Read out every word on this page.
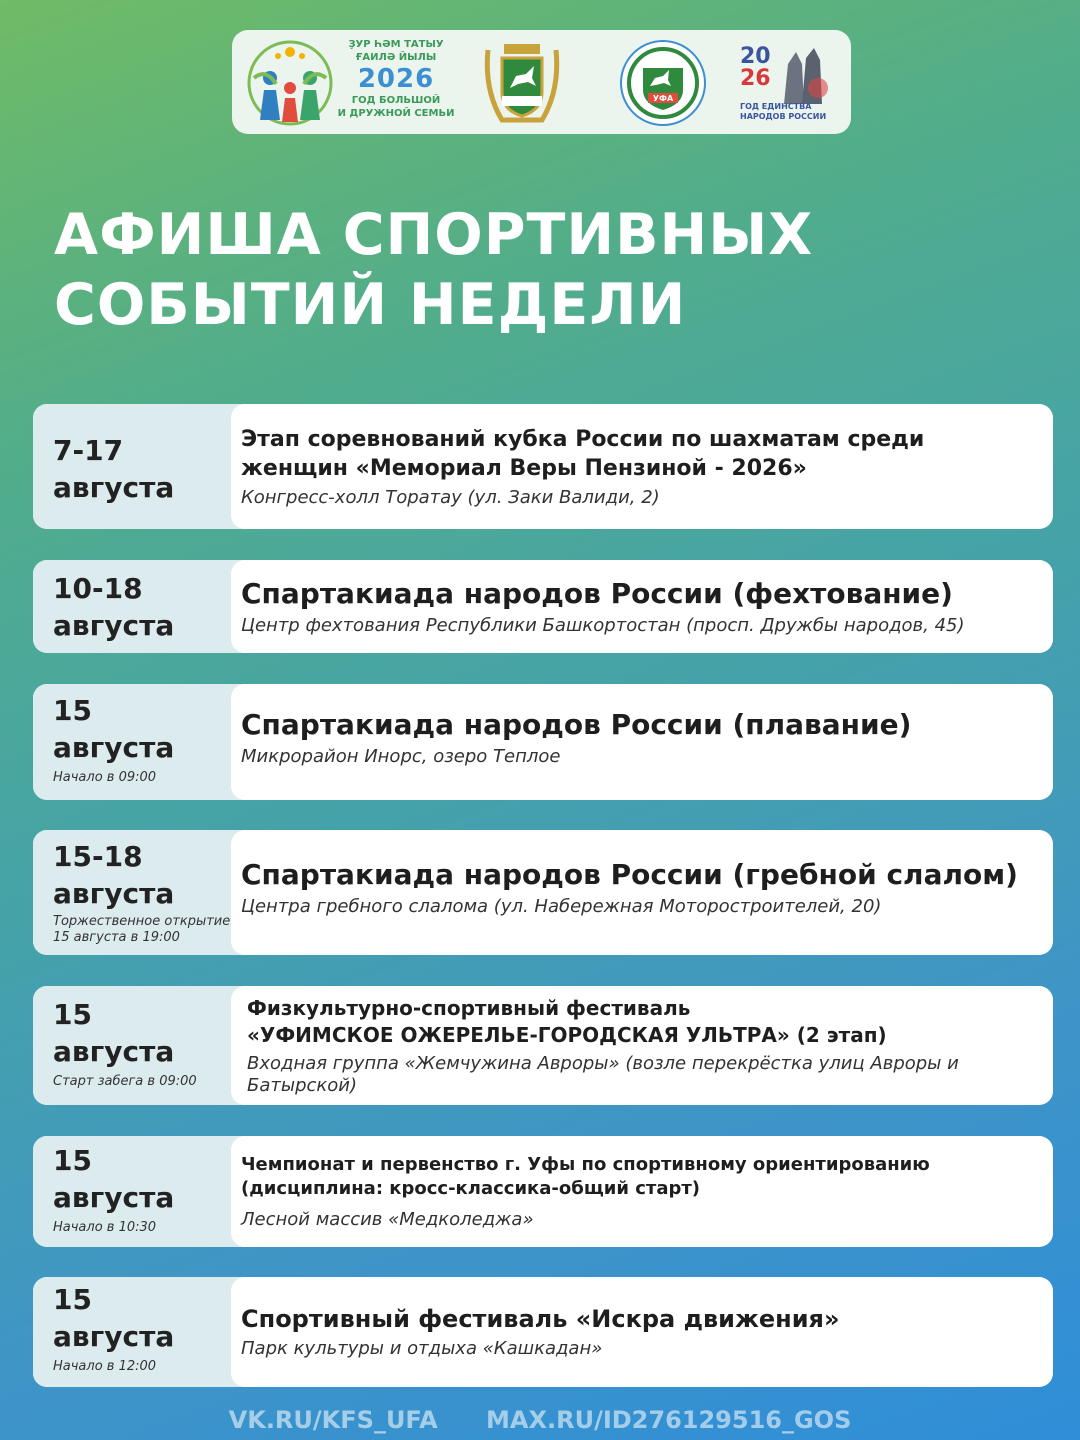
ҘУР ҺӘМ ТАТЫУ
ҒАИЛӘ ЙЫЛЫ
2026
ГОД БОЛЬШОЙ
И ДРУЖНОЙ СЕМЬИ
УФА
20
26
ГОД ЕДИНСТВА
НАРОДОВ РОССИИ
АФИША СПОРТИВНЫХ
СОБЫТИЙ НЕДЕЛИ
7-17
августа
Этап соревнований кубка России по шахматам среди
женщин «Мемориал Веры Пензиной - 2026»
Конгресс-холл Торатау (ул. Заки Валиди, 2)
10-18
августа
Спартакиада народов России (фехтование)
Центр фехтования Республики Башкортостан (просп. Дружбы народов, 45)
15
августа
Начало в 09:00
Спартакиада народов России (плавание)
Микрорайон Инорс, озеро Теплое
15-18
августа
Торжественное открытие
15 августа в 19:00
Спартакиада народов России (гребной слалом)
Центра гребного слалома (ул. Набережная Моторостроителей, 20)
15
августа
Старт забега в 09:00
Физкультурно-спортивный фестиваль
«УФИМСКОЕ ОЖЕРЕЛЬЕ-ГОРОДСКАЯ УЛЬТРА» (2 этап)
Входная группа «Жемчужина Авроры» (возле перекрёстка улиц Авроры и
Батырской)
15
августа
Начало в 10:30
Чемпионат и первенство г. Уфы по спортивному ориентированию
(дисциплина: кросс-классика-общий старт)
Лесной массив «Медколеджа»
15
августа
Начало в 12:00
Спортивный фестиваль «Искра движения»
Парк культуры и отдыха «Кашкадан»
VK.RU/KFS_UFA MAX.RU/ID276129516_GOS
